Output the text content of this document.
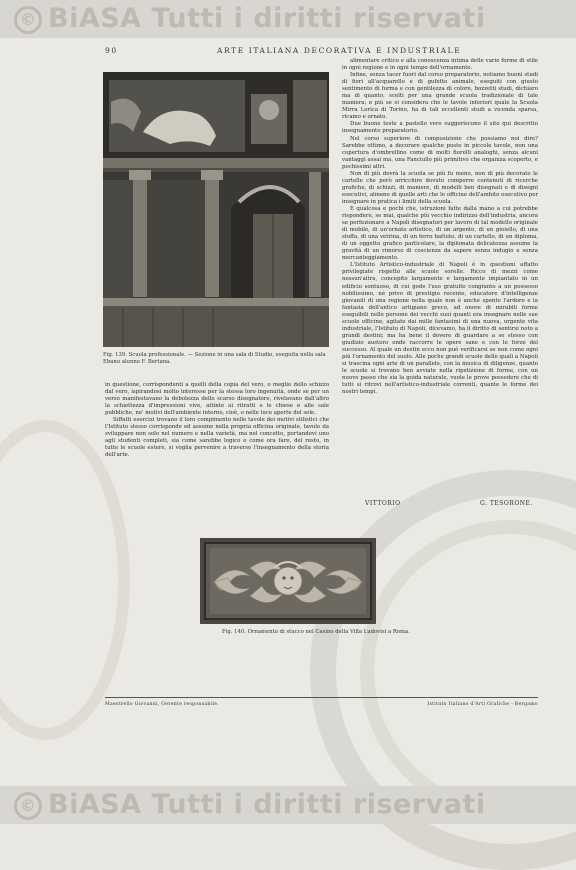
© BiASA Tutti i diritti riservati
90	ARTE ITALIANA DECORATIVA E INDUSTRIALE
Fig. 139. Scuola professionale. — Sezione in una sala di Studio, eseguita nella sala Ebano alunno F. Bertana.

alimentare critico e alla conoscenza intima delle varie forme di stile in ogni regione e in ogni tempo dell'ornamento.

Infine, senza tacer fuori dal corso preparatorio, notiamo buoni studi di fiori all'acquarello e di gufetto animale, eseguiti con giusto sentimento di forma e con gentilezza di colore, bozzetti studi, dichiaro ma di quanto, scelti per una grande scuola tradizionale di tale maniera; e più se si considera che le tavole inferiori quale la Scuola Mirra Lorica di Torino, ha di tali eccellenti studi a vicenda sparsa, ricamo e ornato.

Due buone teste a pastello vero suggeriscono il sito qui descritto insegnamento preparatorio.

Nel corso superiore di composizione che possiamo noi dire? Sarebbe ottimo, a decorare qualche posto in piccole tavole, non una copertura d'ombrellino come di molti fiorelli analoghi, senza alcuni vantaggi assai ma, una Fanciullo più primitivo che organiza scoperto, e pochissimi altri.

Non di più dovrà la scuola se più fu meno, non di più decorato le cartelle che però arricchire dovuto comporre contenuti di ricerche grafiche, di schizzi, di maniere, di modelli ben disegnati e di disegni esecutivi, almeno di quelle arti che le officine dell'ambito esecutivo per insegnare in pratica i limiti della scuola.

E qualcosa e pochi che, istruzioni fatte dalla mano a cui potrebbe rispondere, se mai, qualche più vecchio indirizzo dell'industria, ancora se perfezionare a Napoli disegnatori per lavoro di tal modello originale di mobile, di un'ornato artistico, di un argento, di un gioiello, di una stoffa, di una vetrina, di un ferro battuto, di un cartello, di un diploma, di un oggetto grafico particolare, la diplomata delicatezza assume la gravità di un rimorso di coscienza da sapere senza indugio e senza mercanteggiamento.

L'Istituto Artistico-industriale di Napoli è in questioni affatto privilegiate rispetto alle scuole sorelle. Ricco di mezzi come nessun'altra, concepito largamente e largamente impiantato in un edificio sontuoso, di cui gode l'uso gratuito congiunto a un possesso nobilissimo, nè privo di prestigio recente, educatore d'intelligenze giovanili di una regione nella quale non è anche spento l'ardore e la fantasia dell'antico artigiano greco, ad onore di mirabili forme eseguibili nelle persone dei vecchi suoi quanti era insegnare nelle sue scuole officine, agitato dai mille fantasimi di una nuova, urgente vita industriale, l'Istituto di Napoli, dicevamo, ha il diritto di sentirsi noto a grandi destini; ma ha bene il dovere di guardare a se stesso con giudizio austero onde raccorre le opere sane e con le forze del successo. Al quale un destin ecco non può verificarsi se non come ogni più l'ornamento del suolo. Alle poche grandi scuole delle quali a Napoli si trascina ogni arte di un parallelo, con la musica di diligenze, quanto le scuole si trovano ben avviate nella ripetizione di forme, con un nuovo passo che sia la guida naturale, vuole le prove possedere che di tutti si ritrovi nell'artistico-industriale correnti, quante le forme dei nostri tempi.

in questione, corrispondenti a quelli della copia del vero, o meglio dello schizzo dal vero, ispirandosi molto interesse per la stessa loro ingenuità, onde se per un verso manifestavano la debolezza dello scarso disegnatore, rivelavano dall'altro la schiettezza d'impressioni vive, attinte ai ritratti e le chiese e alle sale pubbliche, ne' motivi dell'ambiente interno, cioè, o nelle luce aperte del sole.

Siffatti esercizi trovano il loro compimento nelle tavole dei motivi stilistici che l'Istituto stesso corrisponde ed assume nella propria officina originale, tavole da sviluppare non solo nel numero e nella varietà, ma nel concetto, portandovi uno agli studenti completi, sia come sarebbe logico e come ora fare, del resto, in tutte le scuole estere, si voglia pervenire a traverso l'insegnamento della storia dell'arte.

VITTORIO	G. TESORONE.
Fig. 140. Ornamento di stucco nel Casino della Villa Ludovisi a Roma.
Maestrello Giovanni, Gerente responsabile.	Istituto Italiano d'Arti Grafiche - Bergamo
© BiASA Tutti i diritti riservati
